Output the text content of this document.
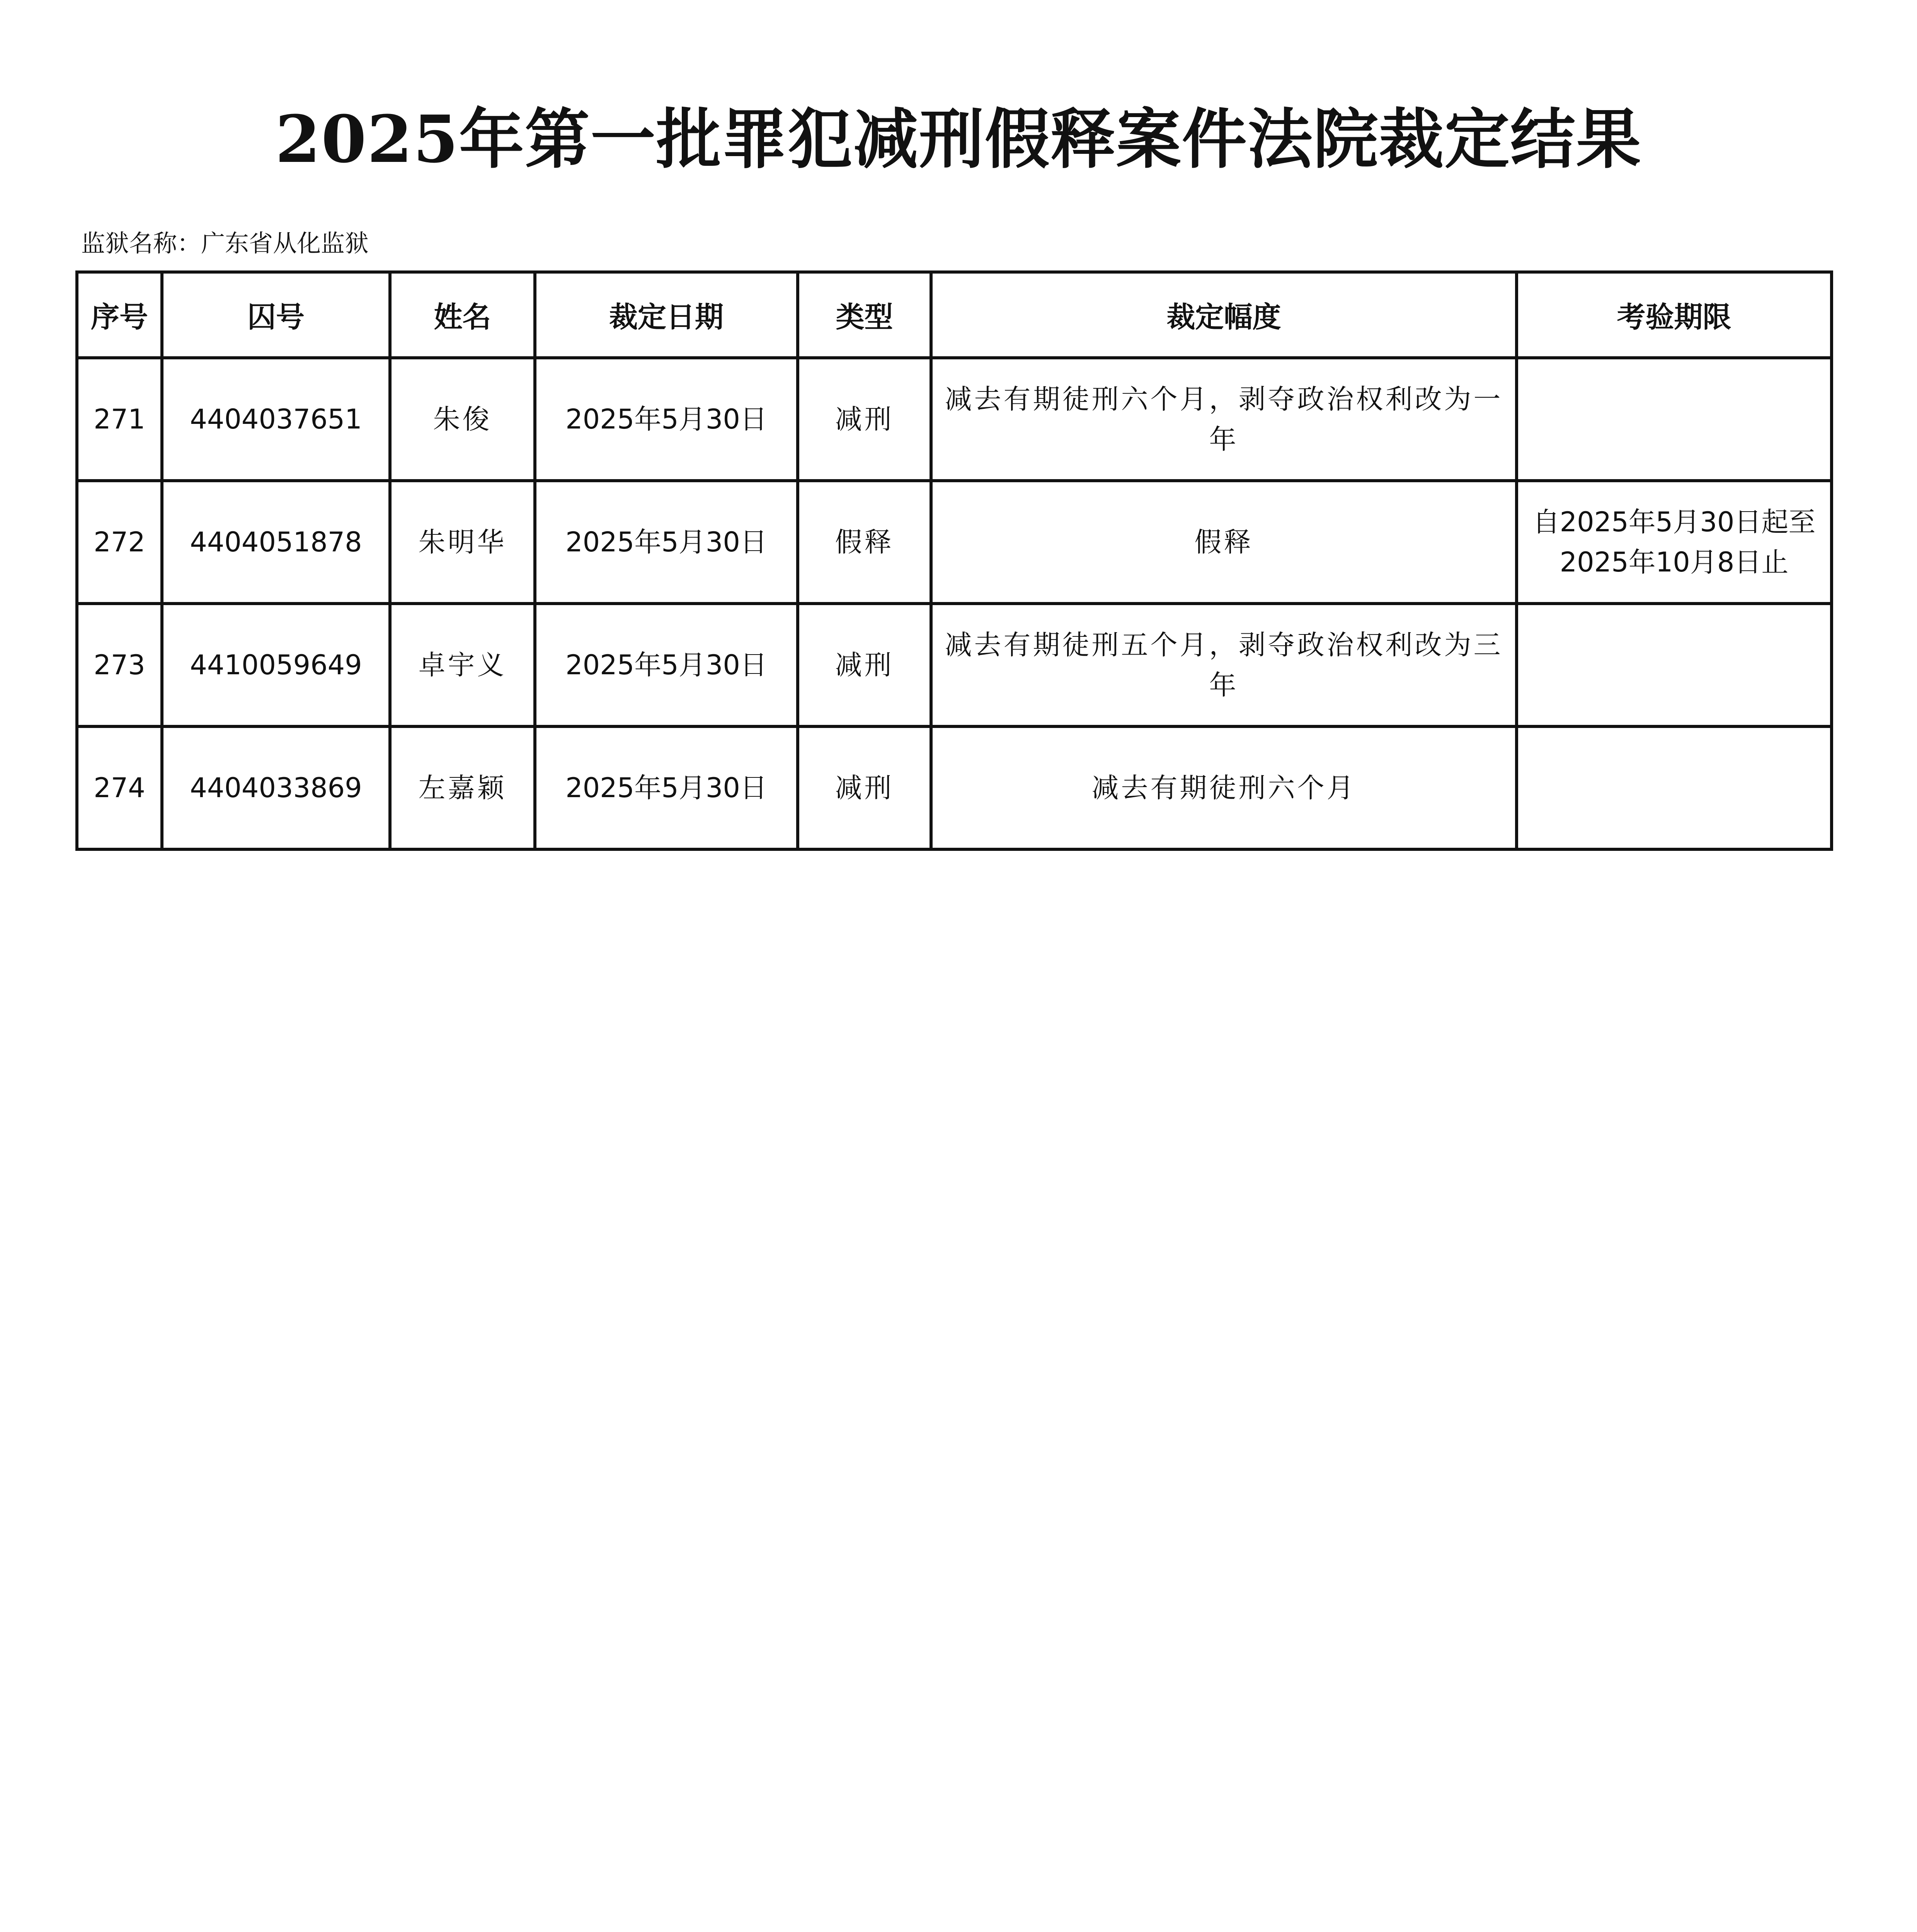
2025年第一批罪犯减刑假释案件法院裁定结果
监狱名称：广东省从化监狱
序号	囚号	姓名	裁定日期	类型	裁定幅度	考验期限
271	4404037651	朱俊	2025年5月30日	减刑	减去有期徒刑六个月，剥夺政治权利改为一年	
272	4404051878	朱明华	2025年5月30日	假释	假释	自2025年5月30日起至2025年10月8日止
273	4410059649	卓宇义	2025年5月30日	减刑	减去有期徒刑五个月，剥夺政治权利改为三年	
274	4404033869	左嘉颖	2025年5月30日	减刑	减去有期徒刑六个月	
